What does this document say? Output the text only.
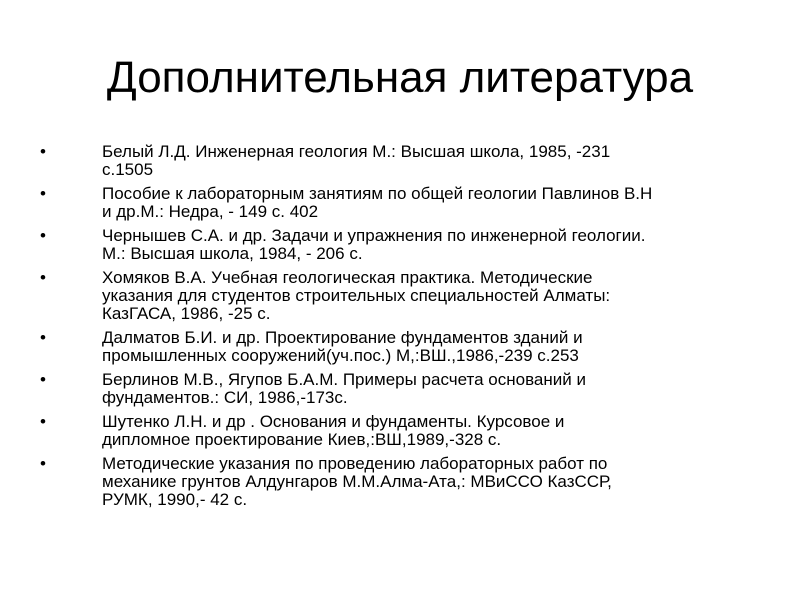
Дополнительная литература
• Белый Л.Д. Инженерная геология М.: Высшая школа, 1985, -231
с.1505
• Пособие к лабораторным занятиям по общей геологии Павлинов В.Н
и др.М.: Недра, - 149 с. 402
• Чернышев С.А. и др. Задачи и упражнения по инженерной геологии.
М.: Высшая школа, 1984, - 206 с.
• Хомяков В.А. Учебная геологическая практика. Методические
указания для студентов строительных специальностей Алматы:
КазГАСА, 1986, -25 с.
• Далматов Б.И. и др. Проектирование фундаментов зданий и
промышленных сооружений(уч.пос.) М,:ВШ.,1986,-239 с.253
• Берлинов М.В., Ягупов Б.А.М. Примеры расчета оснований и
фундаментов.: СИ, 1986,-173с.
• Шутенко Л.Н. и др . Основания и фундаменты. Курсовое и
дипломное проектирование Киев,:ВШ,1989,-328 с.
• Методические указания по проведению лабораторных работ по
механике грунтов Алдунгаров М.М.Алма-Ата,: МВиССО КазССР,
РУМК, 1990,- 42 с.
